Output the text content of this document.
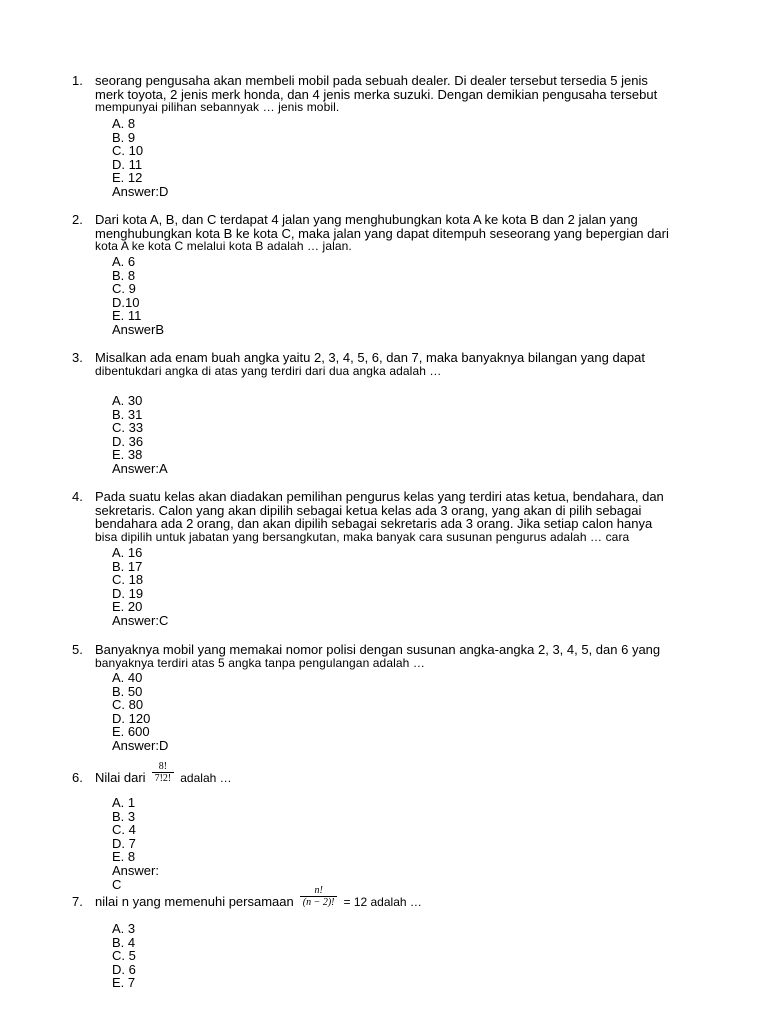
1. seorang pengusaha akan membeli mobil pada sebuah dealer. Di dealer tersebut tersedia 5 jenis
merk toyota, 2 jenis merk honda, dan 4 jenis merka suzuki. Dengan demikian pengusaha tersebut
mempunyai pilihan sebannyak … jenis mobil.
A. 8
B. 9
C. 10
D. 11
E. 12
Answer:D
2. Dari kota A, B, dan C terdapat 4 jalan yang menghubungkan kota A ke kota B dan 2 jalan yang
menghubungkan kota B ke kota C, maka jalan yang dapat ditempuh seseorang yang bepergian dari
kota A ke kota C melalui kota B adalah … jalan.
A. 6
B. 8
C. 9
D.10
E. 11
AnswerB
3. Misalkan ada enam buah angka yaitu 2, 3, 4, 5, 6, dan 7, maka banyaknya bilangan yang dapat
dibentukdari angka di atas yang terdiri dari dua angka adalah …
A. 30
B. 31
C. 33
D. 36
E. 38
Answer:A
4. Pada suatu kelas akan diadakan pemilihan pengurus kelas yang terdiri atas ketua, bendahara, dan
sekretaris. Calon yang akan dipilih sebagai ketua kelas ada 3 orang, yang akan di pilih sebagai
bendahara ada 2 orang, dan akan dipilih sebagai sekretaris ada 3 orang. Jika setiap calon hanya
bisa dipilih untuk jabatan yang bersangkutan, maka banyak cara susunan pengurus adalah … cara
A. 16
B. 17
C. 18
D. 19
E. 20
Answer:C
5. Banyaknya mobil yang memakai nomor polisi dengan susunan angka-angka 2, 3, 4, 5, dan 6 yang
banyaknya terdiri atas 5 angka tanpa pengulangan adalah …
A. 40
B. 50
C. 80
D. 120
E. 600
Answer:D
6. Nilai dari $\frac{8!}{7!2!}$ adalah …
A. 1
B. 3
C. 4
D. 7
E. 8
Answer:
C
7. nilai n yang memenuhi persamaan $\frac{n!}{(n - 2)!} = 12$ adalah …
A. 3
B. 4
C. 5
D. 6
E. 7
